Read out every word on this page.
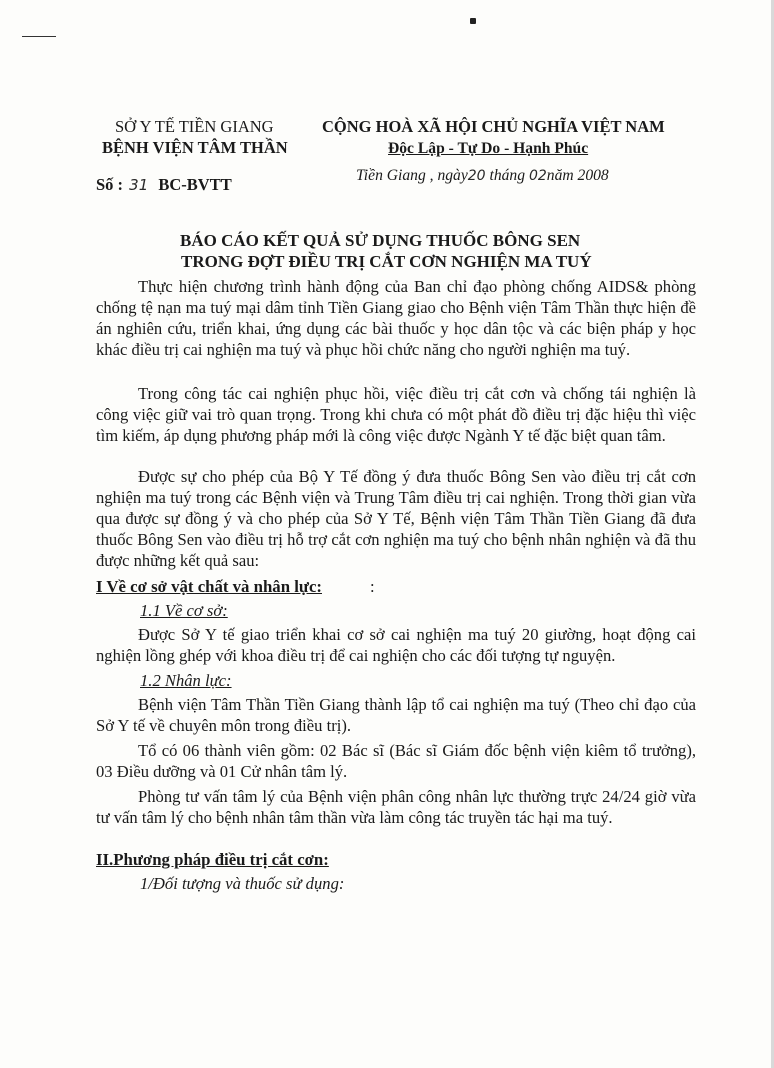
SỞ Y TẾ TIỀN GIANG
BỆNH VIỆN TÂM THẦN
Số : 31 BC-BVTT
CỘNG HOÀ XÃ HỘI CHỦ NGHĨA VIỆT NAM
Độc Lập - Tự Do - Hạnh Phúc
Tiền Giang , ngày20 tháng 02năm 2008
BÁO CÁO KẾT QUẢ SỬ DỤNG THUỐC BÔNG SEN
TRONG ĐỢT ĐIỀU TRỊ CẮT CƠN NGHIỆN MA TUÝ
Thực hiện chương trình hành động của Ban chỉ đạo phòng chống AIDS& phòng chống tệ nạn ma tuý mại dâm tỉnh Tiền Giang giao cho Bệnh viện Tâm Thần thực hiện đề án nghiên cứu, triển khai, ứng dụng các bài thuốc y học dân tộc và các biện pháp y học khác điều trị cai nghiện ma tuý và phục hồi chức năng cho người nghiện ma tuý.
Trong công tác cai nghiện phục hồi, việc điều trị cắt cơn và chống tái nghiện là công việc giữ vai trò quan trọng. Trong khi chưa có một phát đồ điều trị đặc hiệu thì việc tìm kiếm, áp dụng phương pháp mới là công việc được Ngành Y tế đặc biệt quan tâm.
Được sự cho phép của Bộ Y Tế đồng ý đưa thuốc Bông Sen vào điều trị cắt cơn nghiện ma tuý trong các Bệnh viện và Trung Tâm điều trị cai nghiện. Trong thời gian vừa qua được sự đồng ý và cho phép của Sở Y Tế, Bệnh viện Tâm Thần Tiền Giang đã đưa thuốc Bông Sen vào điều trị hỗ trợ cắt cơn nghiện ma tuý cho bệnh nhân nghiện và đã thu được những kết quả sau:
I Về cơ sở vật chất và nhân lực:	:
1.1 Về cơ sở:
Được Sở Y tế giao triển khai cơ sở cai nghiện ma tuý 20 giường, hoạt động cai nghiện lồng ghép với khoa điều trị để cai nghiện cho các đối tượng tự nguyện.
1.2 Nhân lực:
Bệnh viện Tâm Thần Tiền Giang thành lập tổ cai nghiện ma tuý (Theo chỉ đạo của Sở Y tế về chuyên môn trong điều trị).
Tổ có 06 thành viên gồm: 02 Bác sĩ (Bác sĩ Giám đốc bệnh viện kiêm tổ trưởng), 03 Điều dưỡng và 01 Cử nhân tâm lý.
Phòng tư vấn tâm lý của Bệnh viện phân công nhân lực thường trực 24/24 giờ vừa tư vấn tâm lý cho bệnh nhân tâm thần vừa làm công tác truyền tác hại ma tuý.
II.Phương pháp điều trị cắt cơn:
1/Đối tượng và thuốc sử dụng:
